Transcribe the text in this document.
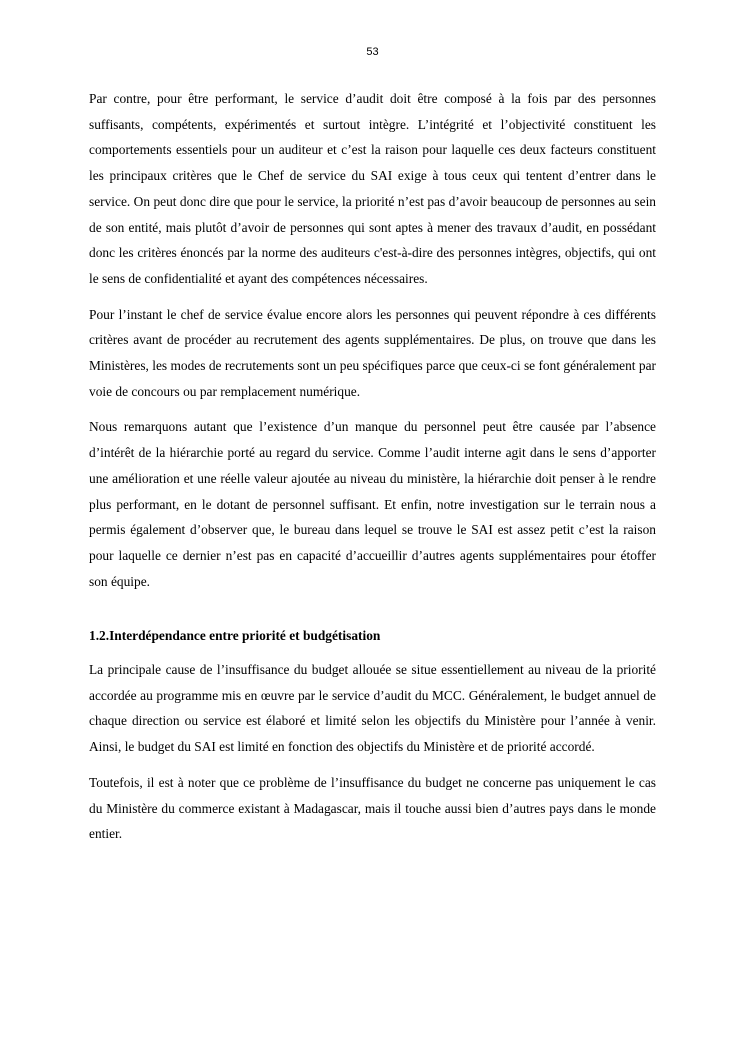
53

Par contre, pour être performant, le service d’audit doit être composé à la fois par des personnes suffisants, compétents, expérimentés et surtout intègre. L’intégrité et l’objectivité constituent les comportements essentiels pour un auditeur et c’est la raison pour laquelle ces deux facteurs constituent les principaux critères que le Chef de service du SAI exige à tous ceux qui tentent d’entrer dans le service. On peut donc dire que pour le service, la priorité n’est pas d’avoir beaucoup de personnes au sein de son entité, mais plutôt d’avoir de personnes qui sont aptes à mener des travaux d’audit, en possédant donc les critères énoncés par la norme des auditeurs c'est-à-dire des personnes intègres, objectifs, qui ont le sens de confidentialité et ayant des compétences nécessaires.

Pour l’instant le chef de service évalue encore alors les personnes qui peuvent répondre à ces différents critères avant de procéder au recrutement des agents supplémentaires. De plus, on trouve que dans les Ministères, les modes de recrutements sont un peu spécifiques parce que ceux-ci se font généralement par voie de concours ou par remplacement numérique.

Nous remarquons autant que l’existence d’un manque du personnel peut être causée par l’absence d’intérêt de la hiérarchie porté au regard du service. Comme l’audit interne agit dans le sens d’apporter une amélioration et une réelle valeur ajoutée au niveau du ministère, la hiérarchie doit penser à le rendre plus performant, en le dotant de personnel suffisant. Et enfin, notre investigation sur le terrain nous a permis également d’observer que, le bureau dans lequel se trouve le SAI est assez petit c’est la raison pour laquelle ce dernier n’est pas en capacité d’accueillir d’autres agents supplémentaires pour étoffer son équipe.

1.2.Interdépendance entre priorité et budgétisation

La principale cause de l’insuffisance du budget allouée se situe essentiellement au niveau de la priorité accordée au programme mis en œuvre par le service d’audit du MCC. Généralement, le budget annuel de chaque direction ou service est élaboré et limité selon les objectifs du Ministère pour l’année à venir. Ainsi, le budget du SAI est limité en fonction des objectifs du Ministère et de priorité accordé.

Toutefois, il est à noter que ce problème de l’insuffisance du budget ne concerne pas uniquement le cas du Ministère du commerce existant à Madagascar, mais il touche aussi bien d’autres pays dans le monde entier.
